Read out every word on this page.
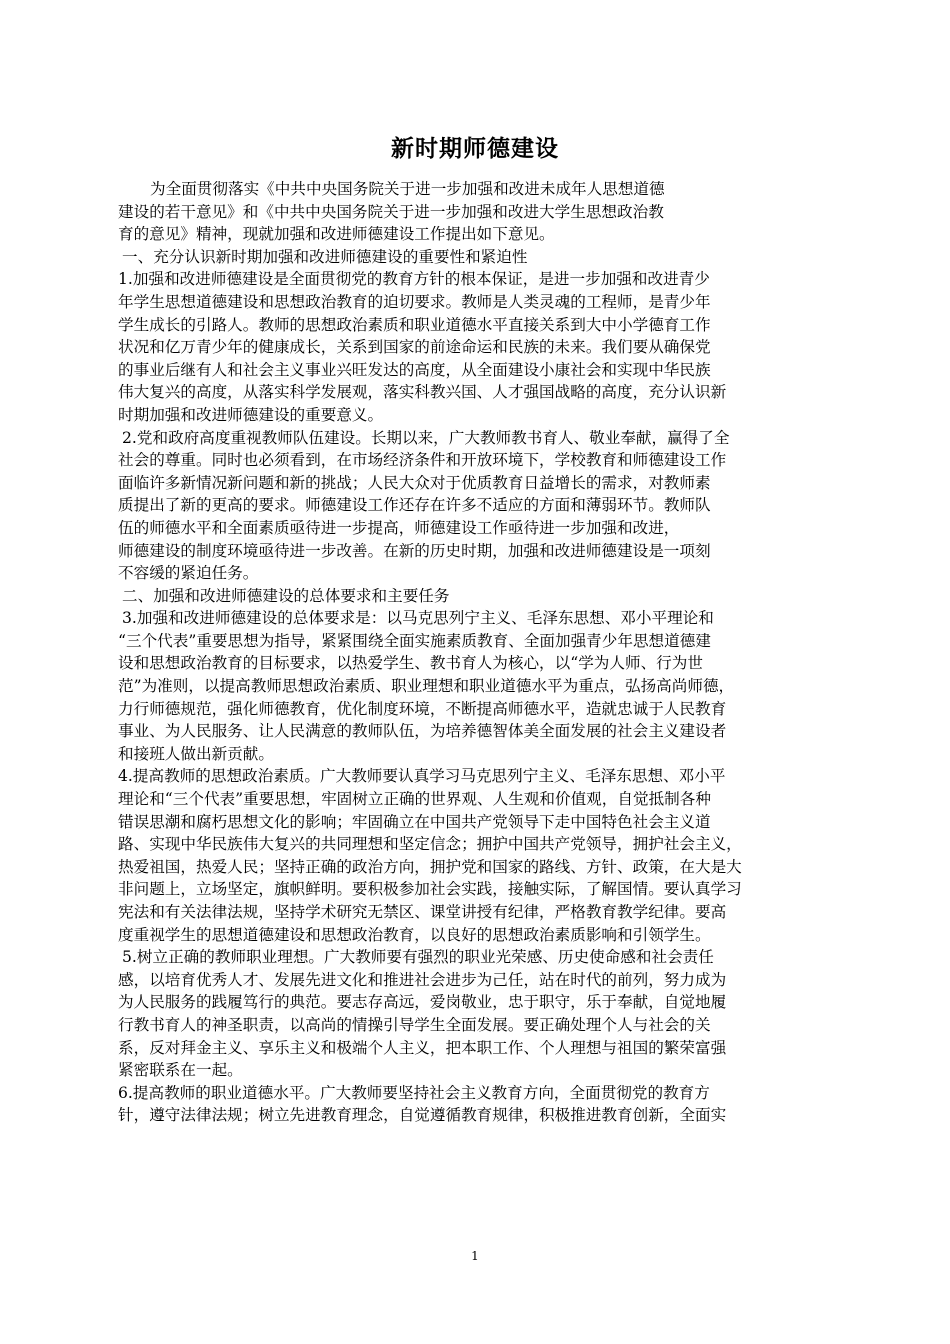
新时期师德建设
为全面贯彻落实《中共中央国务院关于进一步加强和改进未成年人思想道德
建设的若干意见》和《中共中央国务院关于进一步加强和改进大学生思想政治教
育的意见》精神，现就加强和改进师德建设工作提出如下意见。
一、充分认识新时期加强和改进师德建设的重要性和紧迫性
1.加强和改进师德建设是全面贯彻党的教育方针的根本保证，是进一步加强和改进青少
年学生思想道德建设和思想政治教育的迫切要求。教师是人类灵魂的工程师，是青少年
学生成长的引路人。教师的思想政治素质和职业道德水平直接关系到大中小学德育工作
状况和亿万青少年的健康成长，关系到国家的前途命运和民族的未来。我们要从确保党
的事业后继有人和社会主义事业兴旺发达的高度，从全面建设小康社会和实现中华民族
伟大复兴的高度，从落实科学发展观，落实科教兴国、人才强国战略的高度，充分认识新
时期加强和改进师德建设的重要意义。
2.党和政府高度重视教师队伍建设。长期以来，广大教师教书育人、敬业奉献，赢得了全
社会的尊重。同时也必须看到，在市场经济条件和开放环境下，学校教育和师德建设工作
面临许多新情况新问题和新的挑战；人民大众对于优质教育日益增长的需求，对教师素
质提出了新的更高的要求。师德建设工作还存在许多不适应的方面和薄弱环节。教师队
伍的师德水平和全面素质亟待进一步提高，师德建设工作亟待进一步加强和改进，
师德建设的制度环境亟待进一步改善。在新的历史时期，加强和改进师德建设是一项刻
不容缓的紧迫任务。
二、加强和改进师德建设的总体要求和主要任务
3.加强和改进师德建设的总体要求是：以马克思列宁主义、毛泽东思想、邓小平理论和
“三个代表”重要思想为指导，紧紧围绕全面实施素质教育、全面加强青少年思想道德建
设和思想政治教育的目标要求，以热爱学生、教书育人为核心，以“学为人师、行为世
范”为准则，以提高教师思想政治素质、职业理想和职业道德水平为重点，弘扬高尚师德，
力行师德规范，强化师德教育，优化制度环境，不断提高师德水平，造就忠诚于人民教育
事业、为人民服务、让人民满意的教师队伍，为培养德智体美全面发展的社会主义建设者
和接班人做出新贡献。
4.提高教师的思想政治素质。广大教师要认真学习马克思列宁主义、毛泽东思想、邓小平
理论和“三个代表”重要思想，牢固树立正确的世界观、人生观和价值观，自觉抵制各种
错误思潮和腐朽思想文化的影响；牢固确立在中国共产党领导下走中国特色社会主义道
路、实现中华民族伟大复兴的共同理想和坚定信念；拥护中国共产党领导，拥护社会主义，
热爱祖国，热爱人民；坚持正确的政治方向，拥护党和国家的路线、方针、政策，在大是大
非问题上，立场坚定，旗帜鲜明。要积极参加社会实践，接触实际，了解国情。要认真学习
宪法和有关法律法规，坚持学术研究无禁区、课堂讲授有纪律，严格教育教学纪律。要高
度重视学生的思想道德建设和思想政治教育，以良好的思想政治素质影响和引领学生。
5.树立正确的教师职业理想。广大教师要有强烈的职业光荣感、历史使命感和社会责任
感，以培育优秀人才、发展先进文化和推进社会进步为己任，站在时代的前列，努力成为
为人民服务的践履笃行的典范。要志存高远，爱岗敬业，忠于职守，乐于奉献，自觉地履
行教书育人的神圣职责，以高尚的情操引导学生全面发展。要正确处理个人与社会的关
系，反对拜金主义、享乐主义和极端个人主义，把本职工作、个人理想与祖国的繁荣富强
紧密联系在一起。
6.提高教师的职业道德水平。广大教师要坚持社会主义教育方向，全面贯彻党的教育方
针，遵守法律法规；树立先进教育理念，自觉遵循教育规律，积极推进教育创新，全面实
1
